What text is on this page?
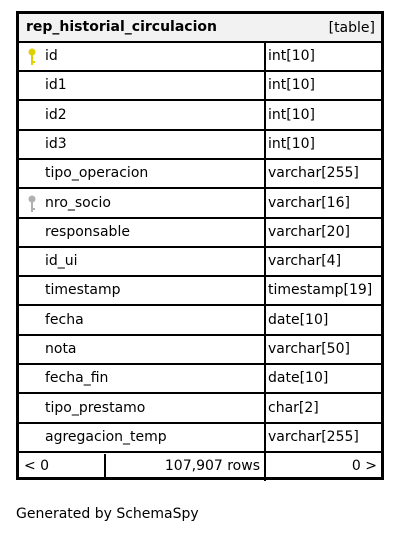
rep_historial_circulacion	[table]
id	int[10]
id1	int[10]
id2	int[10]
id3	int[10]
tipo_operacion	varchar[255]
nro_socio	varchar[16]
responsable	varchar[20]
id_ui	varchar[4]
timestamp	timestamp[19]
fecha	date[10]
nota	varchar[50]
fecha_fin	date[10]
tipo_prestamo	char[2]
agregacion_temp	varchar[255]
< 0	107,907 rows	0 >
Generated by SchemaSpy
